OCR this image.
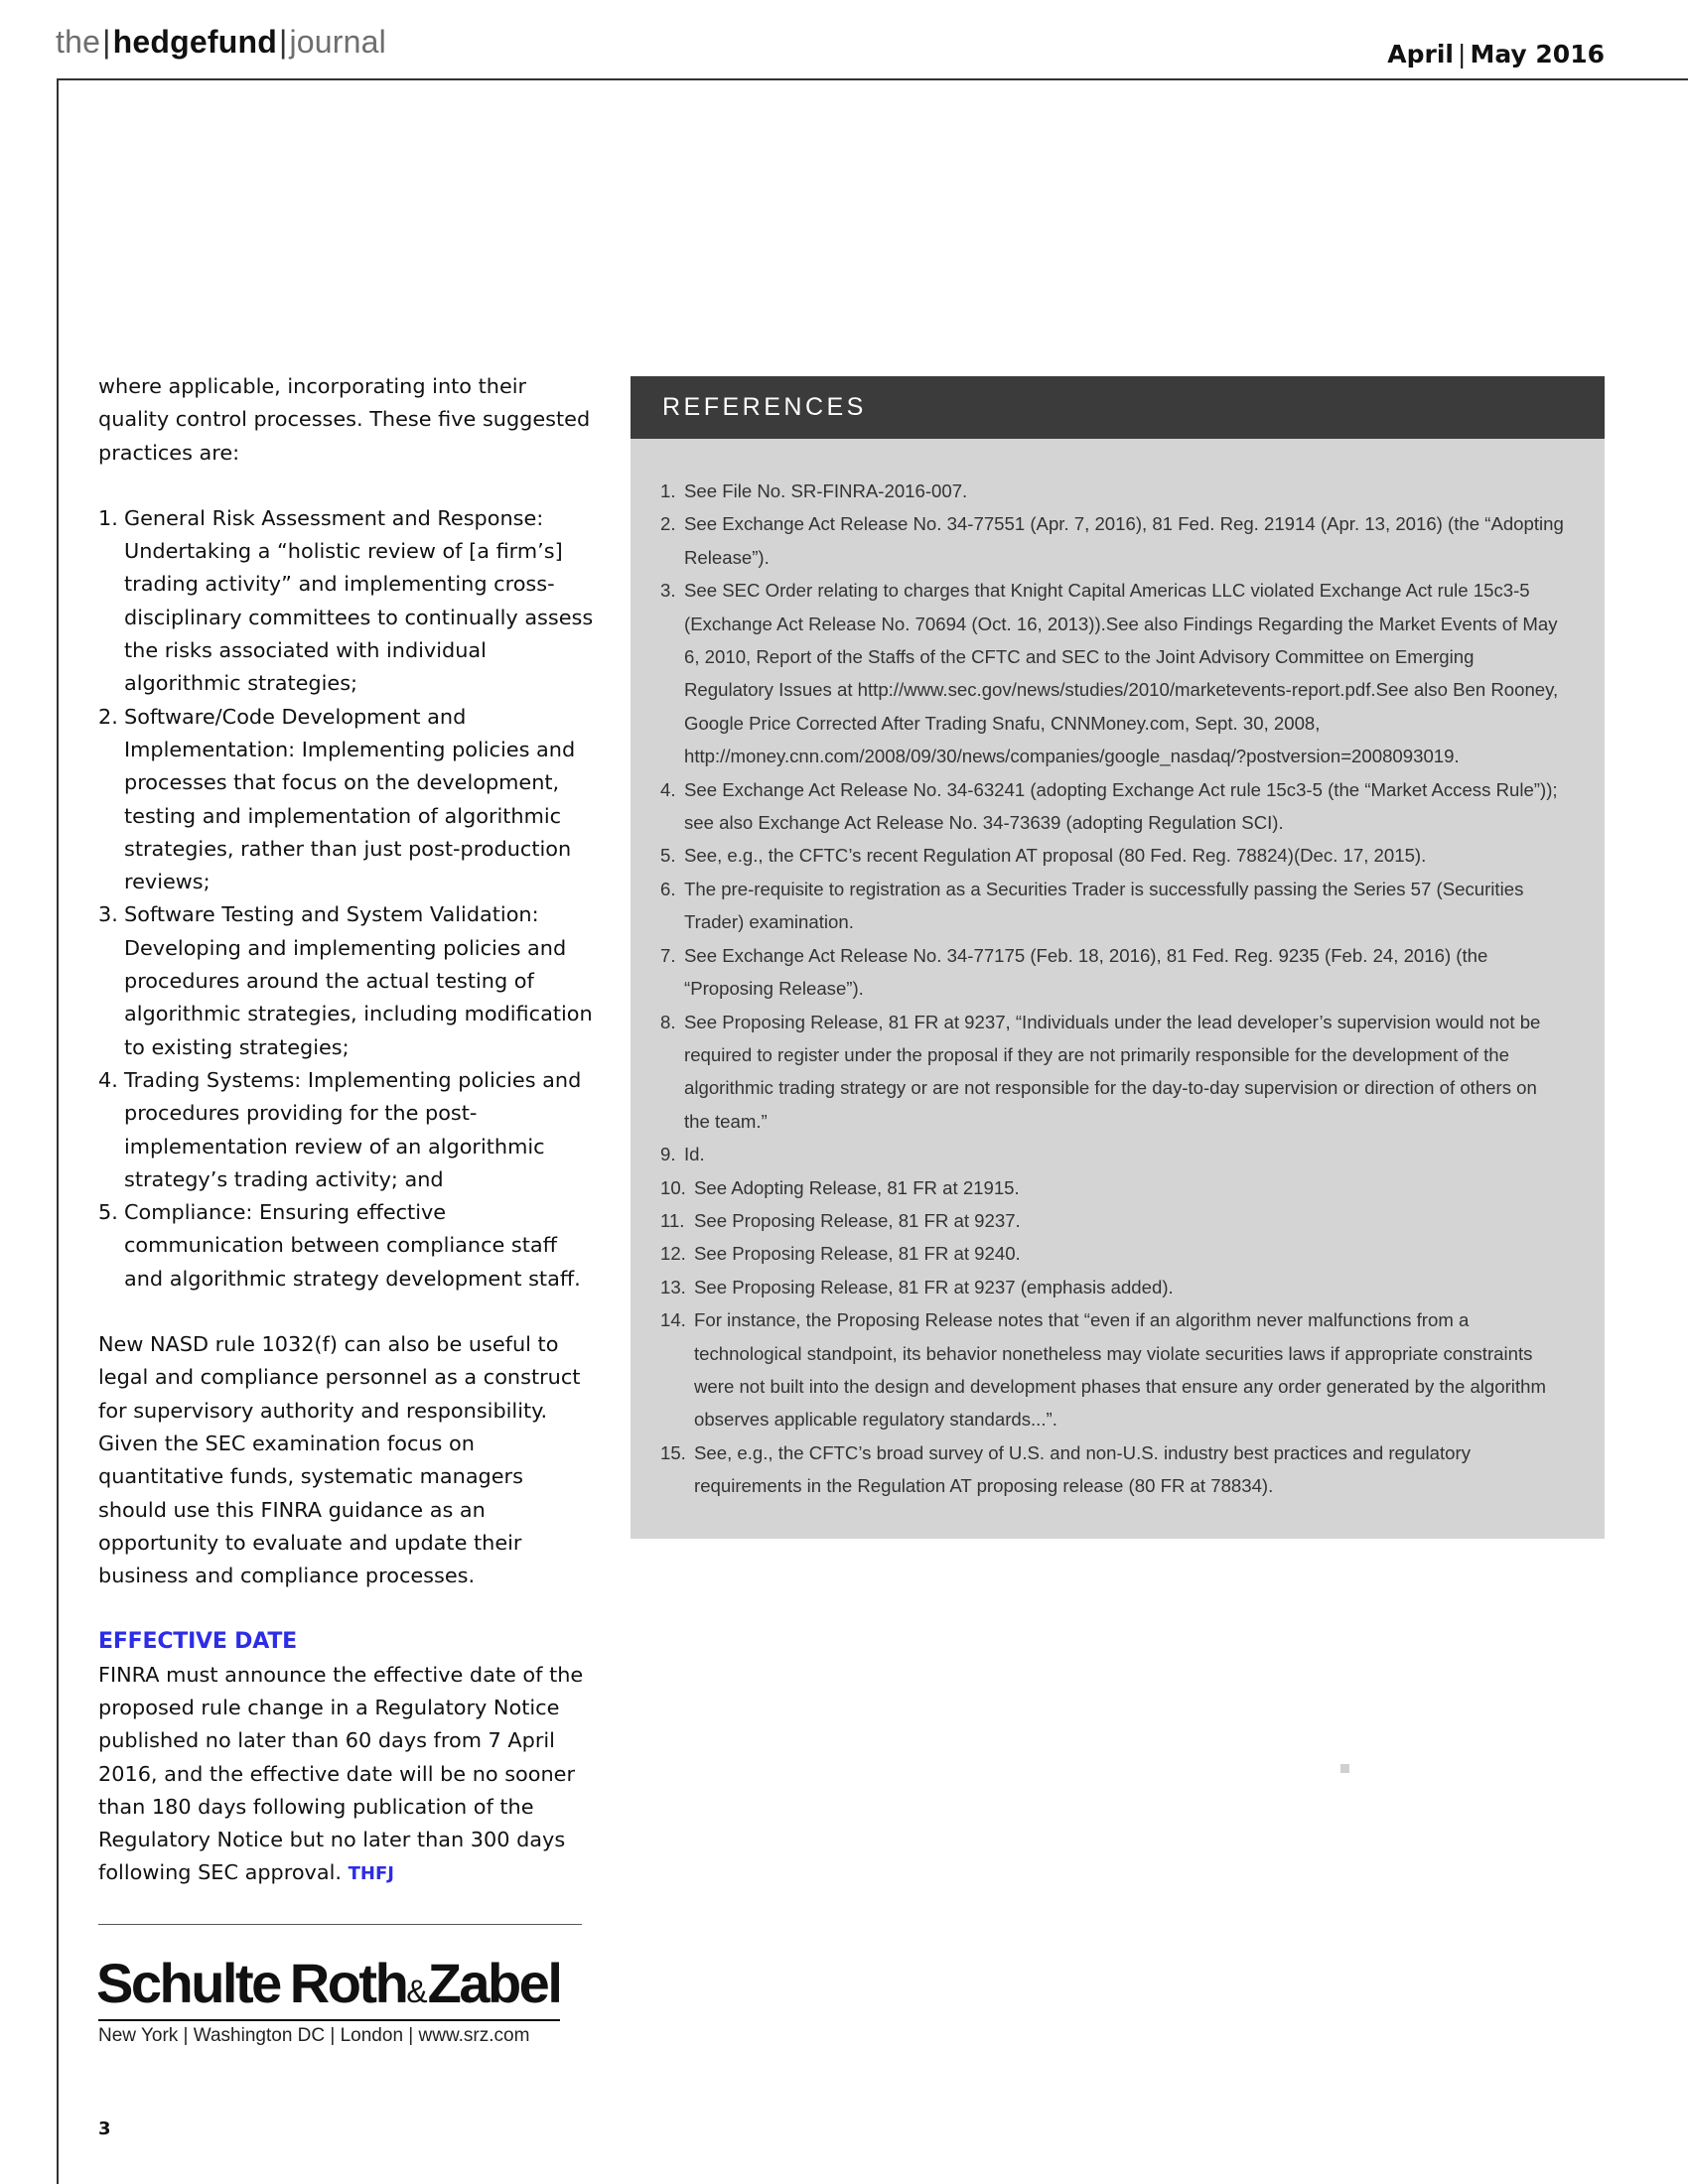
the|hedgefund|journal	April | May 2016

where applicable, incorporating into their quality control processes. These five suggested practices are:

1. General Risk Assessment and Response: Undertaking a “holistic review of [a firm’s] trading activity” and implementing cross-disciplinary committees to continually assess the risks associated with individual algorithmic strategies;
2. Software/Code Development and Implementation: Implementing policies and processes that focus on the development, testing and implementation of algorithmic strategies, rather than just post-production reviews;
3. Software Testing and System Validation: Developing and implementing policies and procedures around the actual testing of algorithmic strategies, including modification to existing strategies;
4. Trading Systems: Implementing policies and procedures providing for the post-implementation review of an algorithmic strategy’s trading activity; and
5. Compliance: Ensuring effective communication between compliance staff and algorithmic strategy development staff.

New NASD rule 1032(f) can also be useful to legal and compliance personnel as a construct for supervisory authority and responsibility. Given the SEC examination focus on quantitative funds, systematic managers should use this FINRA guidance as an opportunity to evaluate and update their business and compliance processes.

EFFECTIVE DATE

FINRA must announce the effective date of the proposed rule change in a Regulatory Notice published no later than 60 days from 7 April 2016, and the effective date will be no sooner than 180 days following publication of the Regulatory Notice but no later than 300 days following SEC approval. THFJ

REFERENCES
1. See File No. SR-FINRA-2016-007.
2. See Exchange Act Release No. 34-77551 (Apr. 7, 2016), 81 Fed. Reg. 21914 (Apr. 13, 2016) (the “Adopting Release”).
3. See SEC Order relating to charges that Knight Capital Americas LLC violated Exchange Act rule 15c3-5 (Exchange Act Release No. 70694 (Oct. 16, 2013)).See also Findings Regarding the Market Events of May 6, 2010, Report of the Staffs of the CFTC and SEC to the Joint Advisory Committee on Emerging Regulatory Issues at http://www.sec.gov/news/studies/2010/marketevents-report.pdf.See also Ben Rooney, Google Price Corrected After Trading Snafu, CNNMoney.com, Sept. 30, 2008, http://money.cnn.com/2008/09/30/news/companies/google_nasdaq/?postversion=2008093019.
4. See Exchange Act Release No. 34-63241 (adopting Exchange Act rule 15c3-5 (the “Market Access Rule”)); see also Exchange Act Release No. 34-73639 (adopting Regulation SCI).
5. See, e.g., the CFTC’s recent Regulation AT proposal (80 Fed. Reg. 78824)(Dec. 17, 2015).
6. The pre-requisite to registration as a Securities Trader is successfully passing the Series 57 (Securities Trader) examination.
7. See Exchange Act Release No. 34-77175 (Feb. 18, 2016), 81 Fed. Reg. 9235 (Feb. 24, 2016) (the “Proposing Release”).
8. See Proposing Release, 81 FR at 9237, “Individuals under the lead developer’s supervision would not be required to register under the proposal if they are not primarily responsible for the development of the algorithmic trading strategy or are not responsible for the day-to-day supervision or direction of others on the team.”
9. Id.
10. See Adopting Release, 81 FR at 21915.
11. See Proposing Release, 81 FR at 9237.
12. See Proposing Release, 81 FR at 9240.
13. See Proposing Release, 81 FR at 9237 (emphasis added).
14. For instance, the Proposing Release notes that “even if an algorithm never malfunctions from a technological standpoint, its behavior nonetheless may violate securities laws if appropriate constraints were not built into the design and development phases that ensure any order generated by the algorithm observes applicable regulatory standards...”.
15. See, e.g., the CFTC’s broad survey of U.S. and non-U.S. industry best practices and regulatory requirements in the Regulation AT proposing release (80 FR at 78834).
Schulte Roth&Zabel
New York | Washington DC | London | www.srz.com
3
